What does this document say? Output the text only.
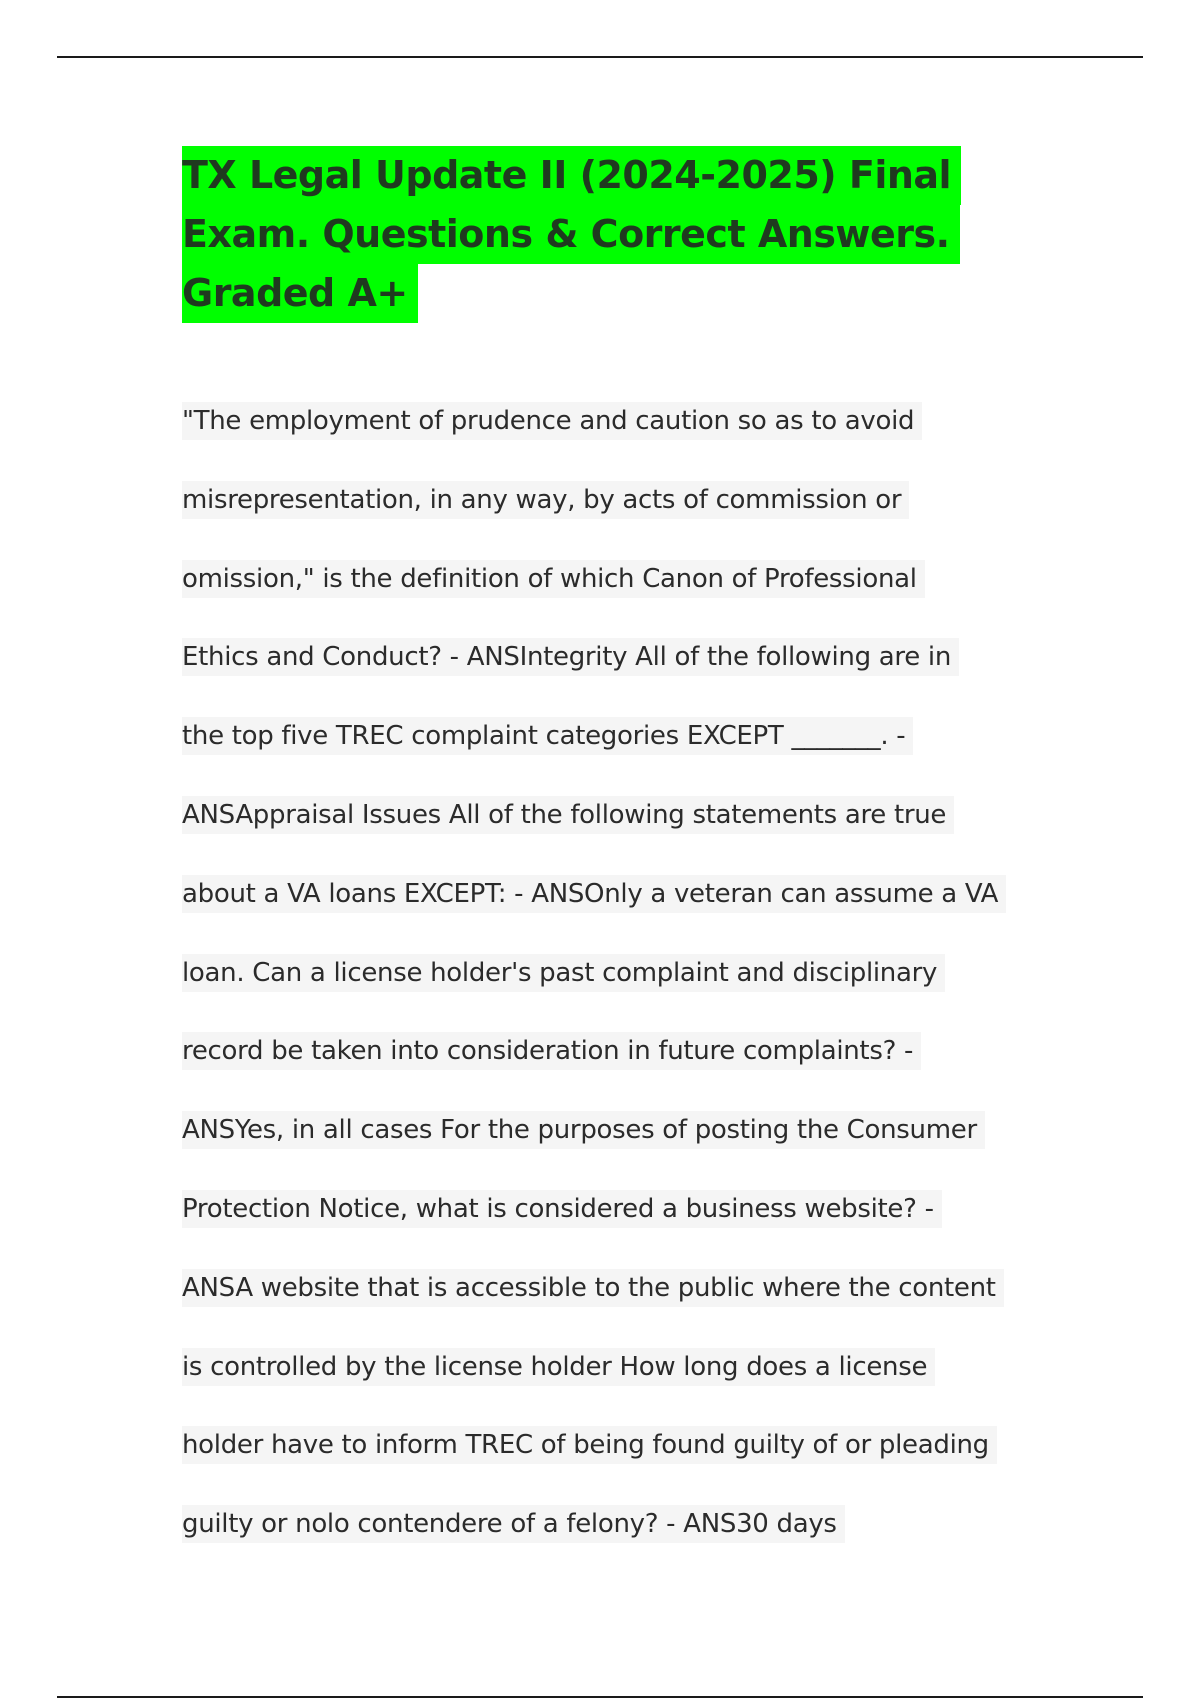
TX Legal Update II (2024-2025) Final
Exam. Questions & Correct Answers.
Graded A+
"The employment of prudence and caution so as to avoid
misrepresentation, in any way, by acts of commission or
omission," is the definition of which Canon of Professional
Ethics and Conduct? - ANSIntegrity All of the following are in
the top five TREC complaint categories EXCEPT _______. -
ANSAppraisal Issues All of the following statements are true
about a VA loans EXCEPT: - ANSOnly a veteran can assume a VA
loan. Can a license holder's past complaint and disciplinary
record be taken into consideration in future complaints? -
ANSYes, in all cases For the purposes of posting the Consumer
Protection Notice, what is considered a business website? -
ANSA website that is accessible to the public where the content
is controlled by the license holder How long does a license
holder have to inform TREC of being found guilty of or pleading
guilty or nolo contendere of a felony? - ANS30 days
